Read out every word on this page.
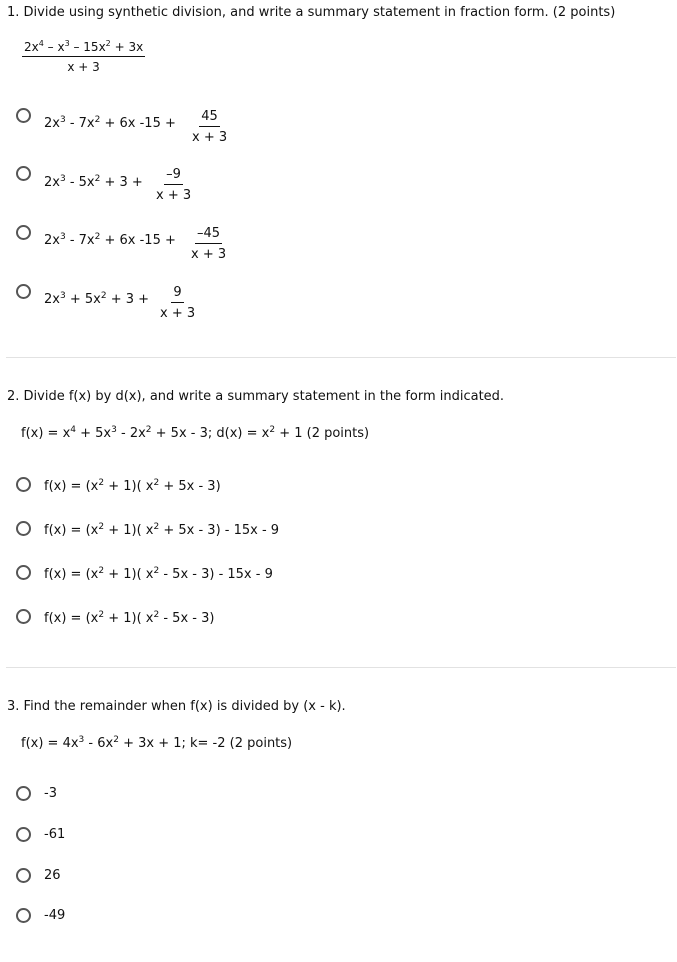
1. Divide using synthetic division, and write a summary statement in fraction form. (2 points)
$\frac{2x^4 - x^3 - 15x^2 + 3x}{x + 3}$
$2x^3 - 7x^2 + 6x$ $-15 + \frac{45}{x + 3}$
$2x^3 - 5x^2 + 3 + \frac{-9}{x + 3}$
$2x^3 - 7x^2 + 6x$ $-15 + \frac{-45}{x + 3}$
$2x^3 + 5x^2 + 3 + \frac{9}{x + 3}$
2. Divide f(x) by d(x), and write a summary statement in the form indicated.
$f(x) = x^4 + 5x^3 - 2x^2 + 5x - 3$; $d(x) = x^2 + 1$ (2 points)
$f(x) = (x^2 + 1)$( $x^2 + 5x - 3$)
$f(x) = (x^2 + 1)$( $x^2 + 5x - 3) - 15x - 9$
$f(x) = (x^2 + 1)$( $x^2 - 5x - 3) - 15x - 9$
$f(x) = (x^2 + 1)$( $x^2 - 5x - 3$)
3. Find the remainder when f(x) is divided by (x - k).
$f(x) = 4x^3 - 6x^2 + 3x + 1$; k= -2 (2 points)
-3
-61
26
-49
